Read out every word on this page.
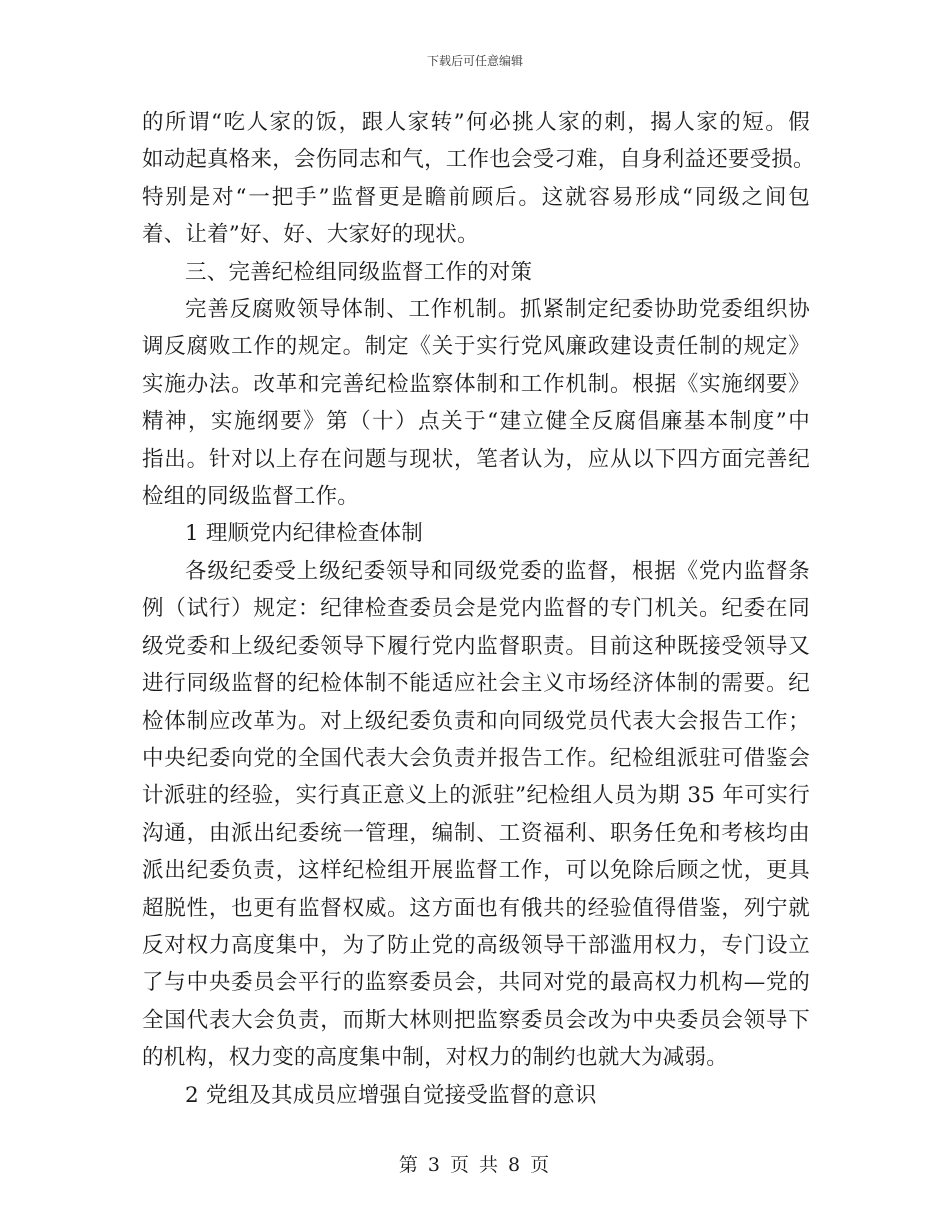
下载后可任意编辑

的所谓“吃人家的饭，跟人家转”何必挑人家的刺，揭人家的短。假
如动起真格来，会伤同志和气，工作也会受刁难，自身利益还要受损。
特别是对“一把手”监督更是瞻前顾后。这就容易形成“同级之间包
着、让着”好、好、大家好的现状。

三、完善纪检组同级监督工作的对策

完善反腐败领导体制、工作机制。抓紧制定纪委协助党委组织协
调反腐败工作的规定。制定《关于实行党风廉政建设责任制的规定》
实施办法。改革和完善纪检监察体制和工作机制。根据《实施纲要》
精神，实施纲要》第（十）点关于“建立健全反腐倡廉基本制度”中
指出。针对以上存在问题与现状，笔者认为，应从以下四方面完善纪
检组的同级监督工作。

1 理顺党内纪律检查体制

各级纪委受上级纪委领导和同级党委的监督，根据《党内监督条
例（试行）规定：纪律检查委员会是党内监督的专门机关。纪委在同
级党委和上级纪委领导下履行党内监督职责。目前这种既接受领导又
进行同级监督的纪检体制不能适应社会主义市场经济体制的需要。纪
检体制应改革为。对上级纪委负责和向同级党员代表大会报告工作；
中央纪委向党的全国代表大会负责并报告工作。纪检组派驻可借鉴会
计派驻的经验，实行真正意义上的派驻”纪检组人员为期 35 年可实行
沟通，由派出纪委统一管理，编制、工资福利、职务任免和考核均由
派出纪委负责，这样纪检组开展监督工作，可以免除后顾之忧，更具
超脱性，也更有监督权威。这方面也有俄共的经验值得借鉴，列宁就
反对权力高度集中，为了防止党的高级领导干部滥用权力，专门设立
了与中央委员会平行的监察委员会，共同对党的最高权力机构—党的
全国代表大会负责，而斯大林则把监察委员会改为中央委员会领导下
的机构，权力变的高度集中制，对权力的制约也就大为减弱。

2 党组及其成员应增强自觉接受监督的意识

第 3 页 共 8 页
